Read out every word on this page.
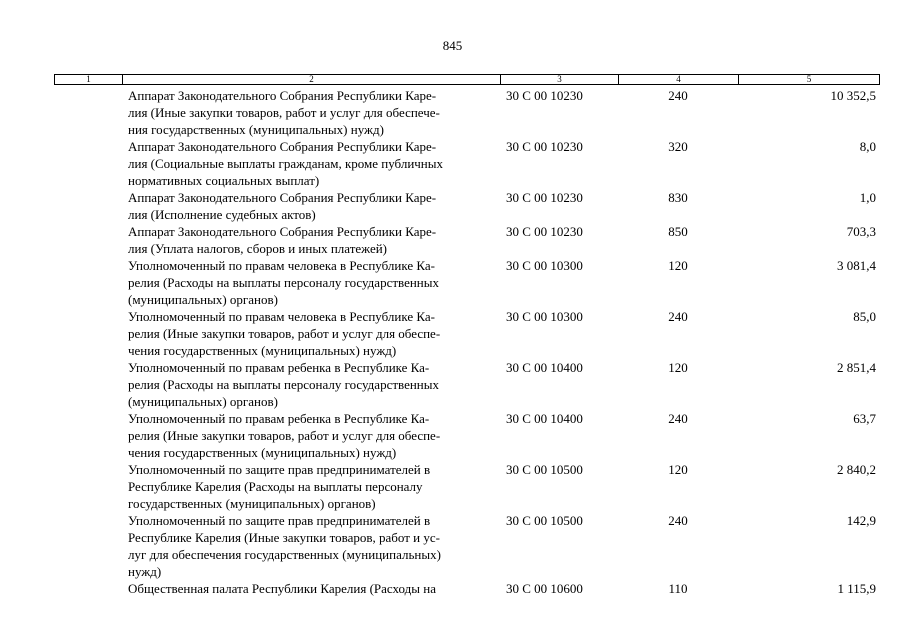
845
1	2	3	4	5
Аппарат Законодательного Собрания Республики Каре-
лия (Иные закупки товаров, работ и услуг для обеспече-
ния государственных (муниципальных) нужд)
30 С 00 10230	240	10 352,5
Аппарат Законодательного Собрания Республики Каре-
лия (Социальные выплаты гражданам, кроме публичных
нормативных социальных выплат)
30 С 00 10230	320	8,0
Аппарат Законодательного Собрания Республики Каре-
лия (Исполнение судебных актов)
30 С 00 10230	830	1,0
Аппарат Законодательного Собрания Республики Каре-
лия (Уплата налогов, сборов и иных платежей)
30 С 00 10230	850	703,3
Уполномоченный по правам человека в Республике Ка-
релия (Расходы на выплаты персоналу государственных
(муниципальных) органов)
30 С 00 10300	120	3 081,4
Уполномоченный по правам человека в Республике Ка-
релия (Иные закупки товаров, работ и услуг для обеспе-
чения государственных (муниципальных) нужд)
30 С 00 10300	240	85,0
Уполномоченный по правам ребенка в Республике Ка-
релия (Расходы на выплаты персоналу государственных
(муниципальных) органов)
30 С 00 10400	120	2 851,4
Уполномоченный по правам ребенка в Республике Ка-
релия (Иные закупки товаров, работ и услуг для обеспе-
чения государственных (муниципальных) нужд)
30 С 00 10400	240	63,7
Уполномоченный по защите прав предпринимателей в
Республике Карелия (Расходы на выплаты персоналу
государственных (муниципальных) органов)
30 С 00 10500	120	2 840,2
Уполномоченный по защите прав предпринимателей в
Республике Карелия (Иные закупки товаров, работ и ус-
луг для обеспечения государственных (муниципальных)
нужд)
30 С 00 10500	240	142,9
Общественная палата Республики Карелия (Расходы на	30 С 00 10600	110	1 115,9
